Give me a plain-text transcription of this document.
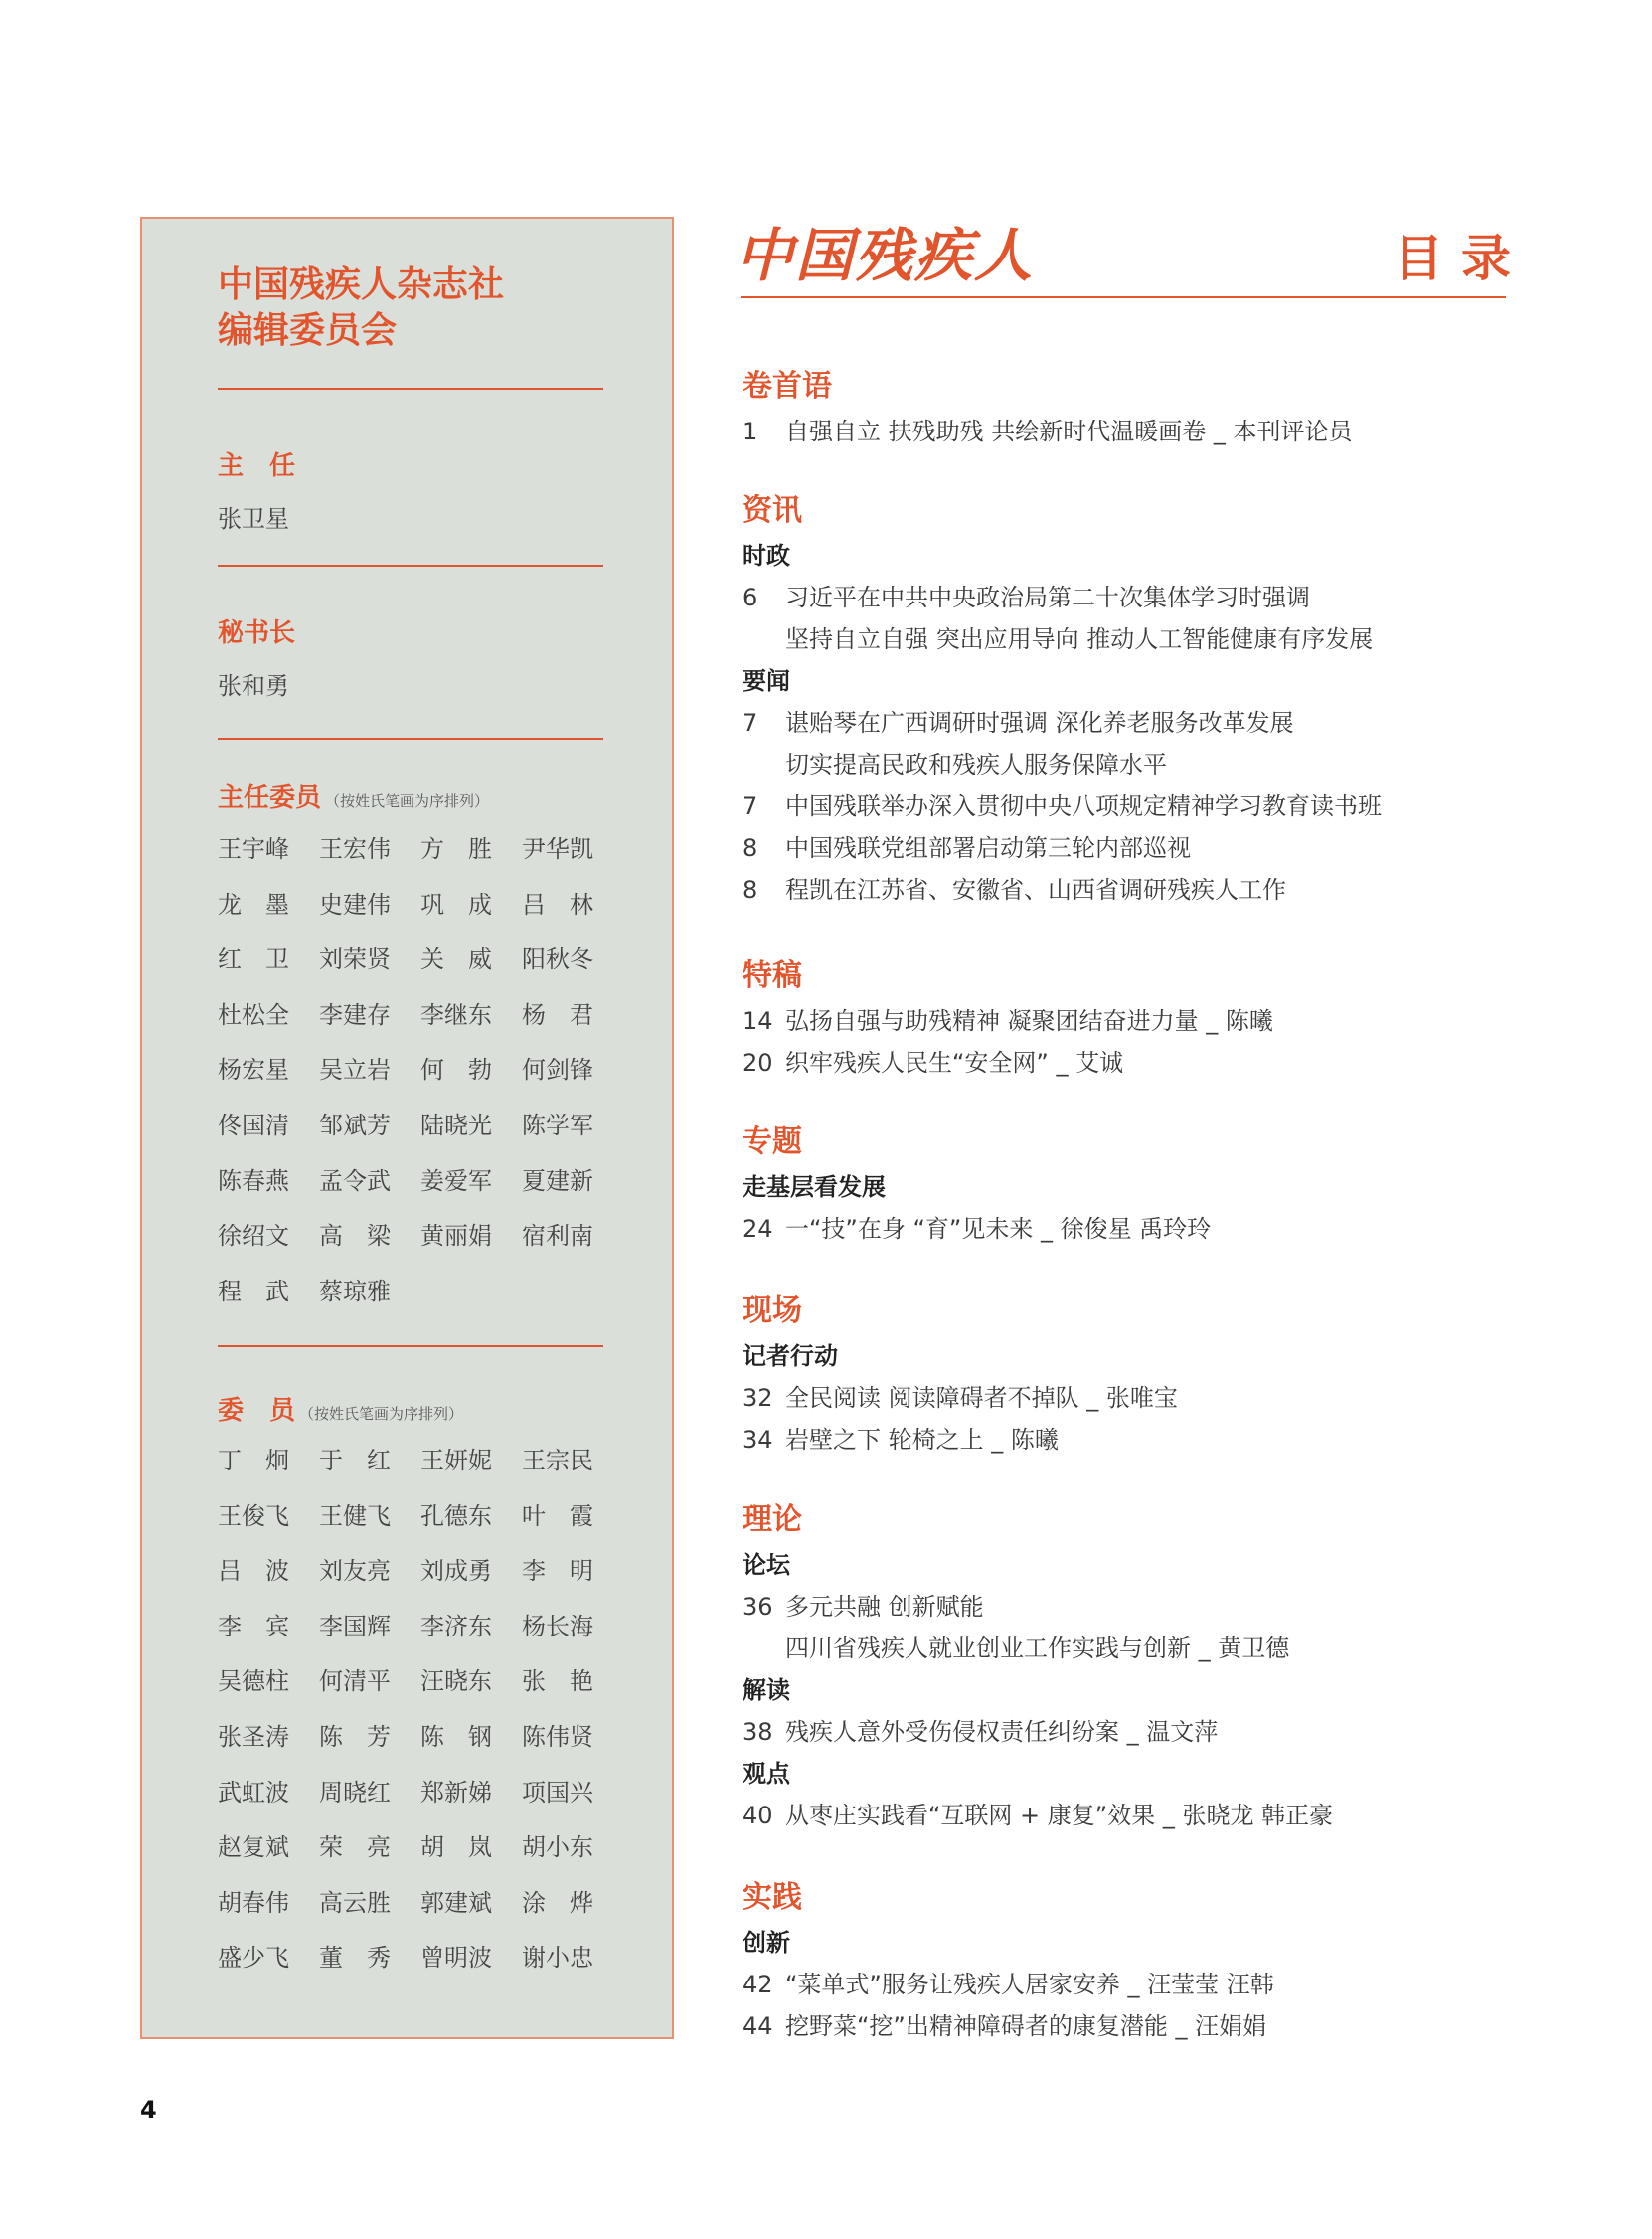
中国残疾人杂志社
编辑委员会
主　任
张卫星
秘书长
张和勇
主任委员 （按姓氏笔画为序排列）
王宇峰	王宏伟	方　胜	尹华凯
龙　墨	史建伟	巩　成	吕　林
红　卫	刘荣贤	关　威	阳秋冬
杜松全	李建存	李继东	杨　君
杨宏星	吴立岩	何　勃	何剑锋
佟国清	邹斌芳	陆晓光	陈学军
陈春燕	孟令武	姜爱军	夏建新
徐绍文	高　梁	黄丽娟	宿利南
程　武	蔡琼雅
委　员 （按姓氏笔画为序排列）
丁　炯	于　红	王妍妮	王宗民
王俊飞	王健飞	孔德东	叶　霞
吕　波	刘友亮	刘成勇	李　明
李　宾	李国辉	李济东	杨长海
吴德柱	何清平	汪晓东	张　艳
张圣涛	陈　芳	陈　钢	陈伟贤
武虹波	周晓红	郑新娣	项国兴
赵复斌	荣　亮	胡　岚	胡小东
胡春伟	高云胜	郭建斌	涂　烨
盛少飞	董　秀	曾明波	谢小忠
中国残疾人	目录
卷首语
1	自强自立 扶残助残 共绘新时代温暖画卷 _ 本刊评论员
资讯
时政
6	习近平在中共中央政治局第二十次集体学习时强调
坚持自立自强 突出应用导向 推动人工智能健康有序发展
要闻
7	谌贻琴在广西调研时强调 深化养老服务改革发展
切实提高民政和残疾人服务保障水平
7	中国残联举办深入贯彻中央八项规定精神学习教育读书班
8	中国残联党组部署启动第三轮内部巡视
8	程凯在江苏省、安徽省、山西省调研残疾人工作
特稿
14 弘扬自强与助残精神 凝聚团结奋进力量 _ 陈曦
20 织牢残疾人民生“安全网” _ 艾诚
专题
走基层看发展
24 一“技”在身 “育”见未来 _ 徐俊星 禹玲玲
现场
记者行动
32 全民阅读 阅读障碍者不掉队 _ 张唯宝
34 岩壁之下 轮椅之上 _ 陈曦
理论
论坛
36 多元共融 创新赋能
四川省残疾人就业创业工作实践与创新 _ 黄卫德
解读
38 残疾人意外受伤侵权责任纠纷案 _ 温文萍
观点
40 从枣庄实践看“互联网 + 康复”效果 _ 张晓龙 韩正豪
实践
创新
42 “菜单式”服务让残疾人居家安养 _ 汪莹莹 汪韩
44 挖野菜“挖”出精神障碍者的康复潜能 _ 汪娟娟
4
